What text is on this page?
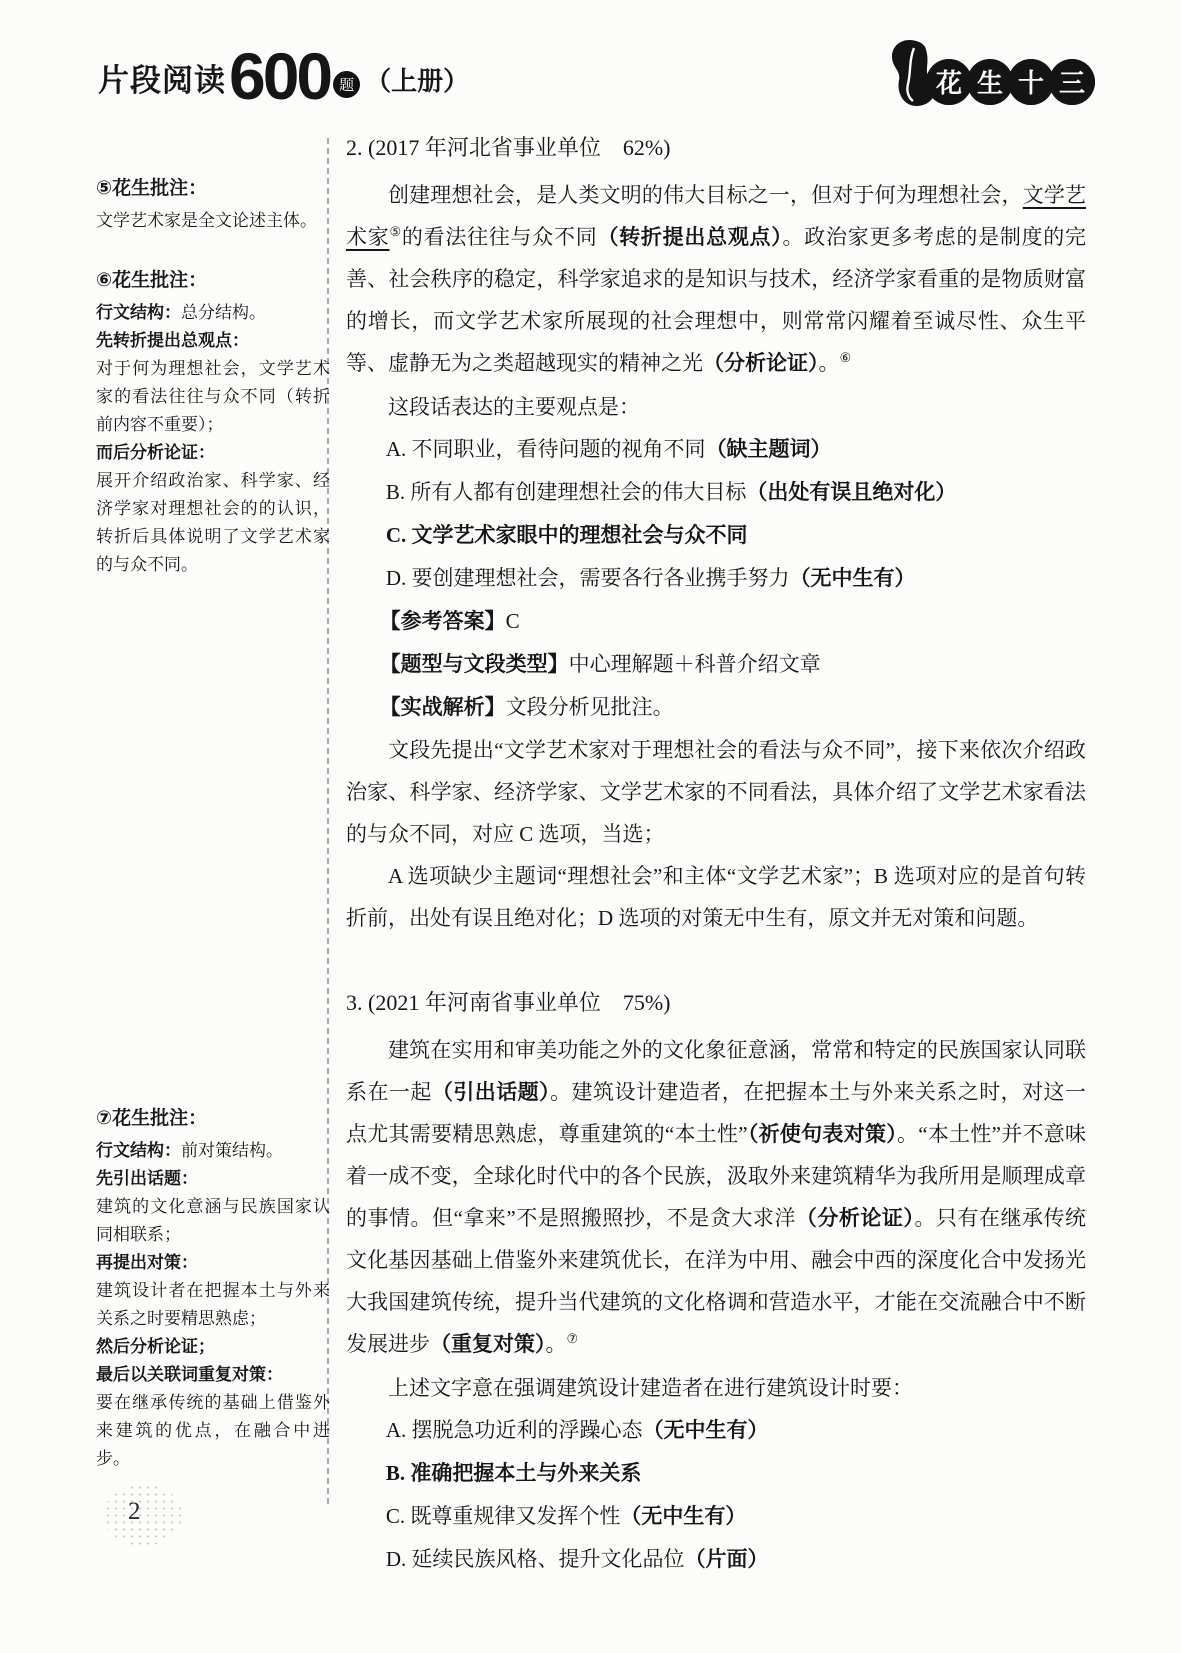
片段阅读 600 题 （上册）	花 生 十 三
⑤花生批注：
文学艺术家是全文论述主体。
⑥花生批注：
行文结构：总分结构。
先转折提出总观点：
对于何为理想社会，文学艺术家的看法往往与众不同（转折前内容不重要）；
而后分析论证：
展开介绍政治家、科学家、经济学家对理想社会的的认识，转折后具体说明了文学艺术家的与众不同。
⑦花生批注：
行文结构：前对策结构。
先引出话题：
建筑的文化意涵与民族国家认同相联系；
再提出对策：
建筑设计者在把握本土与外来关系之时要精思熟虑；
然后分析论证；
最后以关联词重复对策：
要在继承传统的基础上借鉴外来建筑的优点，在融合中进步。
2. (2017 年河北省事业单位　62%)

创建理想社会，是人类文明的伟大目标之一，但对于何为理想社会，文学艺术家⑤的看法往往与众不同（转折提出总观点）。政治家更多考虑的是制度的完善、社会秩序的稳定，科学家追求的是知识与技术，经济学家看重的是物质财富的增长，而文学艺术家所展现的社会理想中，则常常闪耀着至诚尽性、众生平等、虚静无为之类超越现实的精神之光（分析论证）。⑥

这段话表达的主要观点是：

A. 不同职业，看待问题的视角不同（缺主题词）

B. 所有人都有创建理想社会的伟大目标（出处有误且绝对化）

C. 文学艺术家眼中的理想社会与众不同

D. 要创建理想社会，需要各行各业携手努力（无中生有）

【参考答案】C

【题型与文段类型】中心理解题＋科普介绍文章

【实战解析】文段分析见批注。

文段先提出“文学艺术家对于理想社会的看法与众不同”，接下来依次介绍政治家、科学家、经济学家、文学艺术家的不同看法，具体介绍了文学艺术家看法的与众不同，对应 C 选项，当选；

A 选项缺少主题词“理想社会”和主体“文学艺术家”；B 选项对应的是首句转折前，出处有误且绝对化；D 选项的对策无中生有，原文并无对策和问题。

3. (2021 年河南省事业单位　75%)

建筑在实用和审美功能之外的文化象征意涵，常常和特定的民族国家认同联系在一起（引出话题）。建筑设计建造者，在把握本土与外来关系之时，对这一点尤其需要精思熟虑，尊重建筑的“本土性”（祈使句表对策）。“本土性”并不意味着一成不变，全球化时代中的各个民族，汲取外来建筑精华为我所用是顺理成章的事情。但“拿来”不是照搬照抄，不是贪大求洋（分析论证）。只有在继承传统文化基因基础上借鉴外来建筑优长，在洋为中用、融会中西的深度化合中发扬光大我国建筑传统，提升当代建筑的文化格调和营造水平，才能在交流融合中不断发展进步（重复对策）。⑦

上述文字意在强调建筑设计建造者在进行建筑设计时要：

A. 摆脱急功近利的浮躁心态（无中生有）

B. 准确把握本土与外来关系

C. 既尊重规律又发挥个性（无中生有）

D. 延续民族风格、提升文化品位（片面）

2
